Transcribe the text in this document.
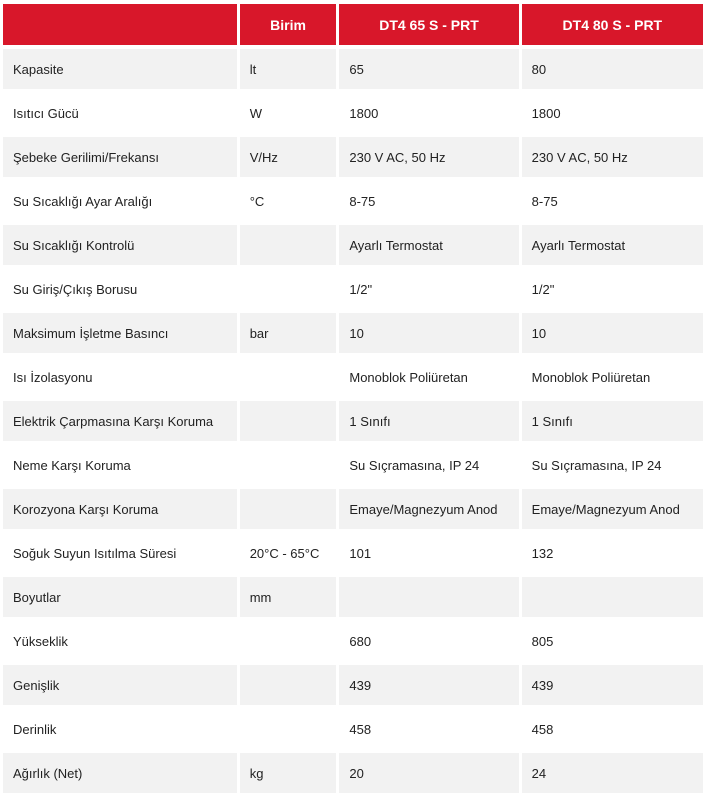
	Birim	DT4 65 S - PRT	DT4 80 S - PRT
Kapasite	lt	65	80
Isıtıcı Gücü	W	1800	1800
Şebeke Gerilimi/Frekansı	V/Hz	230 V AC, 50 Hz	230 V AC, 50 Hz
Su Sıcaklığı Ayar Aralığı	°C	8-75	8-75
Su Sıcaklığı Kontrolü		Ayarlı Termostat	Ayarlı Termostat
Su Giriş/Çıkış Borusu		1/2"	1/2"
Maksimum İşletme Basıncı	bar	10	10
Isı İzolasyonu		Monoblok Poliüretan	Monoblok Poliüretan
Elektrik Çarpmasına Karşı Koruma		1 Sınıfı	1 Sınıfı
Neme Karşı Koruma		Su Sıçramasına, IP 24	Su Sıçramasına, IP 24
Korozyona Karşı Koruma		Emaye/Magnezyum Anod	Emaye/Magnezyum Anod
Soğuk Suyun Isıtılma Süresi	20°C - 65°C	101	132
Boyutlar	mm		
Yükseklik		680	805
Genişlik		439	439
Derinlik		458	458
Ağırlık (Net)	kg	20	24
